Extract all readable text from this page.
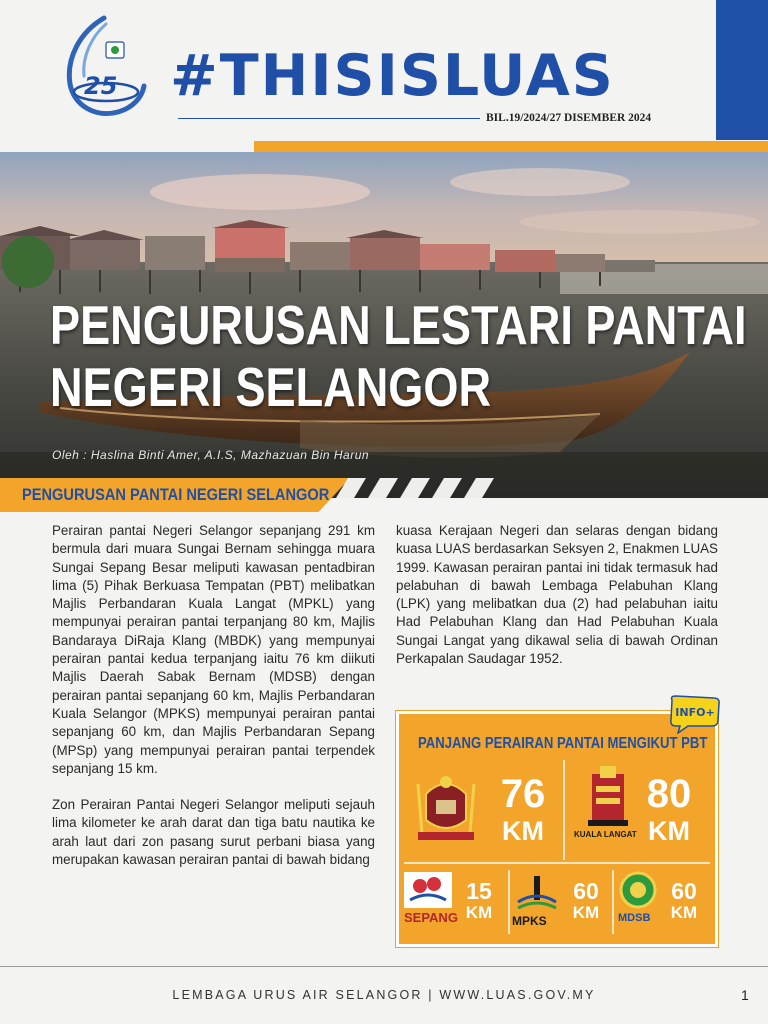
25 #THISISLUAS
BIL.19/2024/27 DISEMBER 2024
PENGURUSAN LESTARI PANTAI
NEGERI SELANGOR
Oleh : Haslina Binti Amer, A.I.S, Mazhazuan Bin Harun
PENGURUSAN PANTAI NEGERI SELANGOR

Perairan pantai Negeri Selangor sepanjang 291 km bermula dari muara Sungai Bernam sehingga muara Sungai Sepang Besar meliputi kawasan pentadbiran lima (5) Pihak Berkuasa Tempatan (PBT) melibatkan Majlis Perbandaran Kuala Langat (MPKL) yang mempunyai perairan pantai terpanjang 80 km, Majlis Bandaraya DiRaja Klang (MBDK) yang mempunyai perairan pantai kedua terpanjang iaitu 76 km diikuti Majlis Daerah Sabak Bernam (MDSB) dengan perairan pantai sepanjang 60 km, Majlis Perbandaran Kuala Selangor (MPKS) mempunyai perairan pantai sepanjang 60 km, dan Majlis Perbandaran Sepang (MPSp) yang mempunyai perairan pantai terpendek sepanjang 15 km.

Zon Perairan Pantai Negeri Selangor meliputi sejauh lima kilometer ke arah darat dan tiga batu nautika ke arah laut dari zon pasang surut perbani biasa yang merupakan kawasan perairan pantai di bawah bidang

kuasa Kerajaan Negeri dan selaras dengan bidang kuasa LUAS berdasarkan Seksyen 2, Enakmen LUAS 1999. Kawasan perairan pantai ini tidak termasuk had pelabuhan di bawah Lembaga Pelabuhan Klang (LPK) yang melibatkan dua (2) had pelabuhan iaitu Had Pelabuhan Klang dan Had Pelabuhan Kuala Sungai Langat yang dikawal selia di bawah Ordinan Perkapalan Saudagar 1952.

INFO+
PANJANG PERAIRAN PANTAI MENGIKUT PBT
76
KM	KUALA LANGAT
80
KM
SEPANG
15
KM	MPKS
60
KM	MDSB
60
KM
LEMBAGA URUS AIR SELANGOR | WWW.LUAS.GOV.MY	1
